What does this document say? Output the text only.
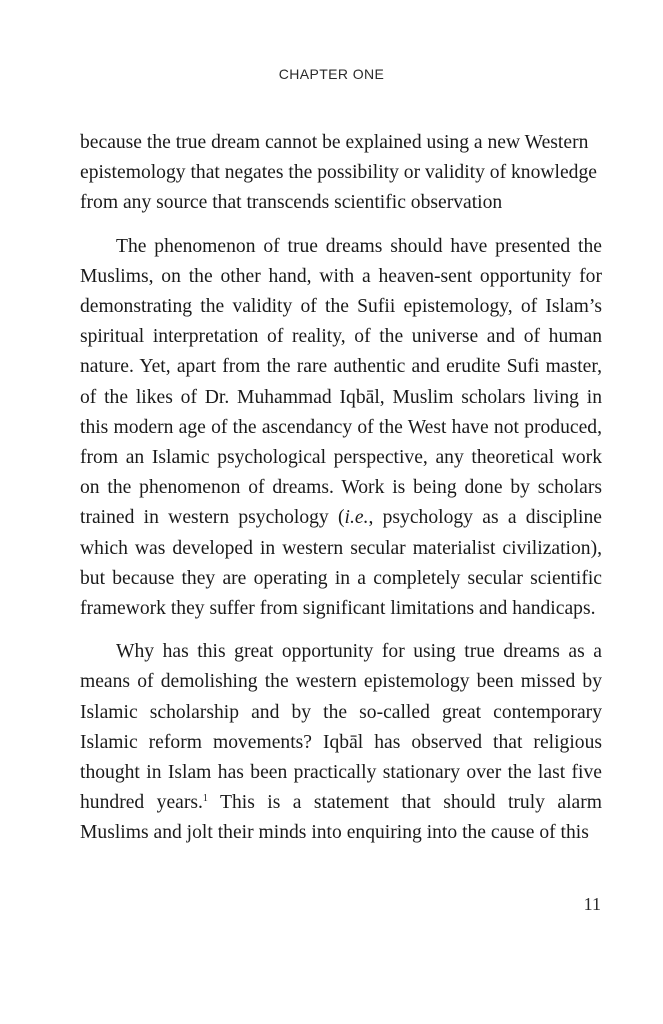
CHAPTER ONE

because the true dream cannot be explained using a new Western epistemology that negates the possibility or validity of knowledge from any source that transcends scientific observation

The phenomenon of true dreams should have presented the Muslims, on the other hand, with a heaven-sent opportunity for demonstrating the validity of the Sufii epistemology, of Islam’s spiritual interpretation of reality, of the universe and of human nature. Yet, apart from the rare authentic and erudite Sufi master, of the likes of Dr. Muhammad Iqbāl, Muslim scholars living in this modern age of the ascendancy of the West have not produced, from an Islamic psychological perspective, any theoretical work on the phenomenon of dreams. Work is being done by scholars trained in western psychology (i.e., psychology as a discipline which was developed in western secular materialist civilization), but because they are operating in a completely secular scientific framework they suffer from significant limitations and handicaps.

Why has this great opportunity for using true dreams as a means of demolishing the western epistemology been missed by Islamic scholarship and by the so-called great contemporary Islamic reform movements? Iqbāl has observed that religious thought in Islam has been practically stationary over the last five hundred years.$^1$ This is a statement that should truly alarm Muslims and jolt their minds into enquiring into the cause of this

11
